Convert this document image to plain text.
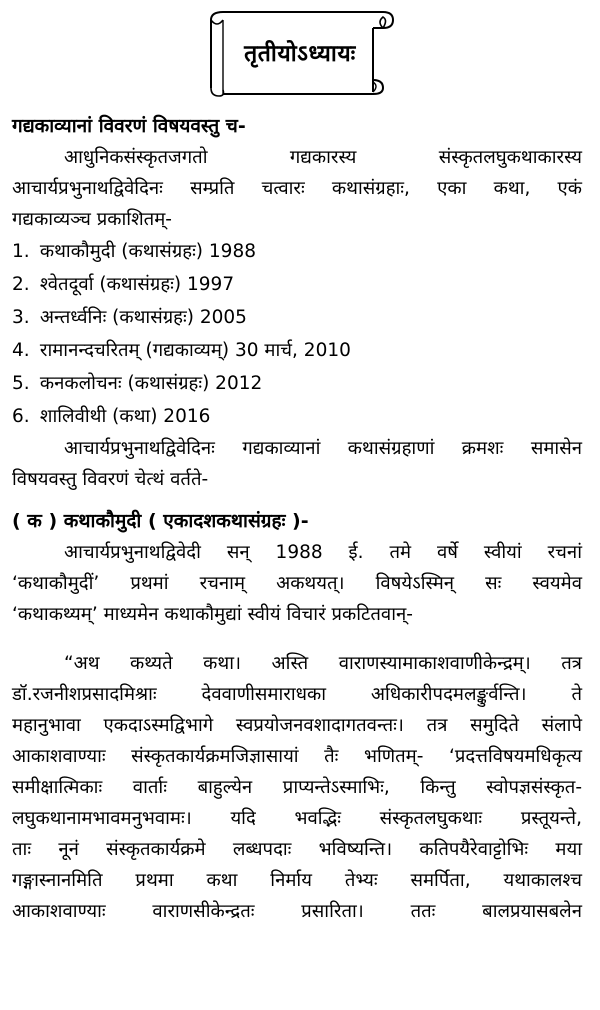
तृतीयोऽध्यायः

गद्यकाव्यानां विवरणं विषयवस्तु च-

आधुनिकसंस्कृतजगतो गद्यकारस्य संस्कृतलघुकथाकारस्य

आचार्यप्रभुनाथद्विवेदिनः सम्प्रति चत्वारः कथासंग्रहाः, एका कथा, एकं

गद्यकाव्यञ्च प्रकाशितम्-

1.
कथाकौमुदी (कथासंग्रहः) 1988
2.
श्वेतदूर्वा (कथासंग्रहः) 1997
3.
अन्तर्ध्वनिः (कथासंग्रहः) 2005
4.
रामानन्दचरितम् (गद्यकाव्यम्) 30 मार्च, 2010
5.
कनकलोचनः (कथासंग्रहः) 2012
6.
शालिवीथी (कथा) 2016

आचार्यप्रभुनाथद्विवेदिनः गद्यकाव्यानां कथासंग्रहाणां क्रमशः समासेन

विषयवस्तु विवरणं चेत्थं वर्तते-

( क ) कथाकौमुदी ( एकादशकथासंग्रहः )-

आचार्यप्रभुनाथद्विवेदी सन् 1988 ई. तमे वर्षे स्वीयां रचनां

‘कथाकौमुदीं’ प्रथमां रचनाम् अकथयत्। विषयेऽस्मिन् सः स्वयमेव

‘कथाकथ्यम्’ माध्यमेन कथाकौमुद्यां स्वीयं विचारं प्रकटितवान्-

“अथ कथ्यते कथा। अस्ति वाराणस्यामाकाशवाणीकेन्द्रम्। तत्र

डॉ.रजनीशप्रसादमिश्राः देववाणीसमाराधका अधिकारीपदमलङ्कुर्वन्ति। ते

महानुभावा एकदाऽस्मद्विभागे स्वप्रयोजनवशादागतवन्तः। तत्र समुदिते संलापे

आकाशवाण्याः संस्कृतकार्यक्रमजिज्ञासायां तैः भणितम्- ‘प्रदत्तविषयमधिकृत्य

समीक्षात्मिकाः वार्ताः बाहुल्येन प्राप्यन्तेऽस्माभिः, किन्तु स्वोपज्ञसंस्कृत-

लघुकथानामभावमनुभवामः। यदि भवद्भिः संस्कृतलघुकथाः प्रस्तूयन्ते,

ताः नूनं संस्कृतकार्यक्रमे लब्धपदाः भविष्यन्ति। कतिपयैरेवाट्टोभिः मया

गङ्गास्नानमिति प्रथमा कथा निर्माय तेभ्यः समर्पिता, यथाकालश्च

आकाशवाण्याः वाराणसीकेन्द्रतः प्रसारिता। ततः बालप्रयासबलेन
